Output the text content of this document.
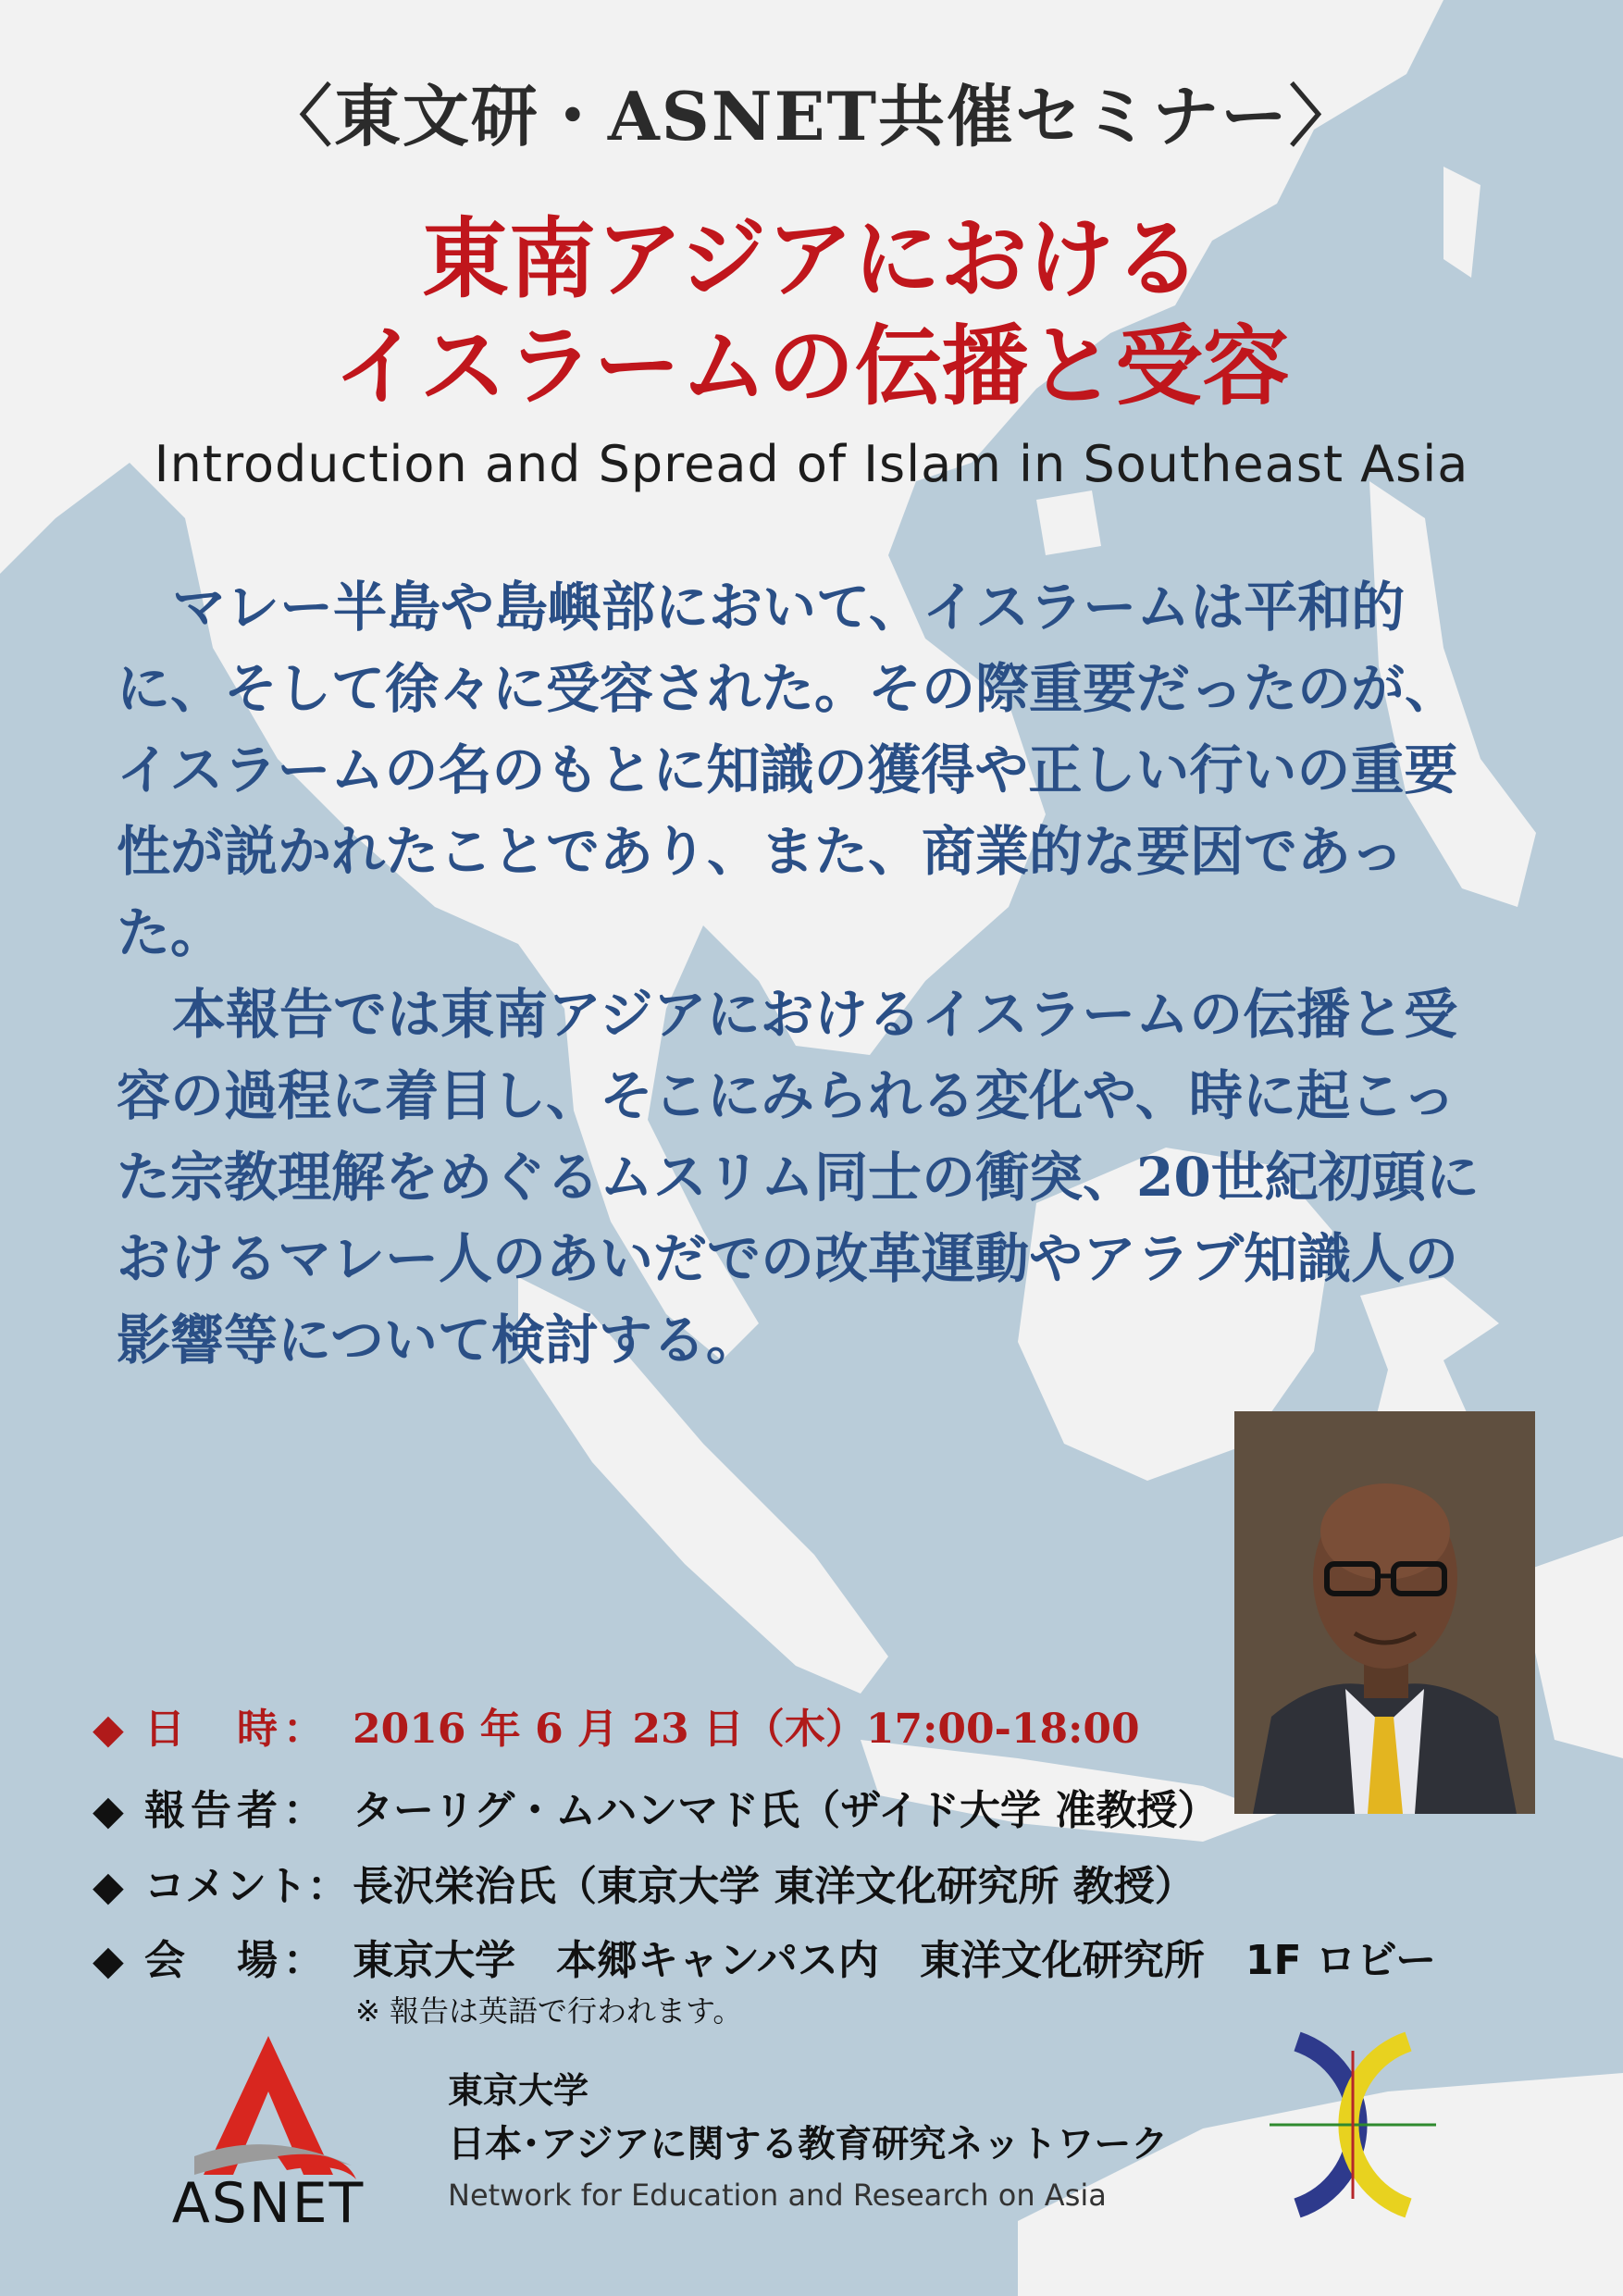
〈東文研・ASNET共催セミナー〉
東南アジアにおける
イスラームの伝播と受容
Introduction and Spread of Islam in Southeast Asia

マレー半島や島嶼部において、イスラームは平和的に、そして徐々に受容された。その際重要だったのが、イスラームの名のもとに知識の獲得や正しい行いの重要性が説かれたことであり、また、商業的な要因であった。

本報告では東南アジアにおけるイスラームの伝播と受容の過程に着目し、そこにみられる変化や、時に起こった宗教理解をめぐるムスリム同士の衝突、20世紀初頭におけるマレー人のあいだでの改革運動やアラブ知識人の影響等について検討する。

◆ 日　時： 2016 年 6 月 23 日（木）17:00-18:00
◆ 報告者： ターリグ・ムハンマド氏（ザイド大学 准教授）
◆ コメント： 長沢栄治氏（東京大学 東洋文化研究所 教授）
◆ 会　場： 東京大学　本郷キャンパス内　東洋文化研究所　1F ロビー
※ 報告は英語で行われます。
ASNET
東京大学
日本･アジアに関する教育研究ネットワーク
Network for Education and Research on Asia
